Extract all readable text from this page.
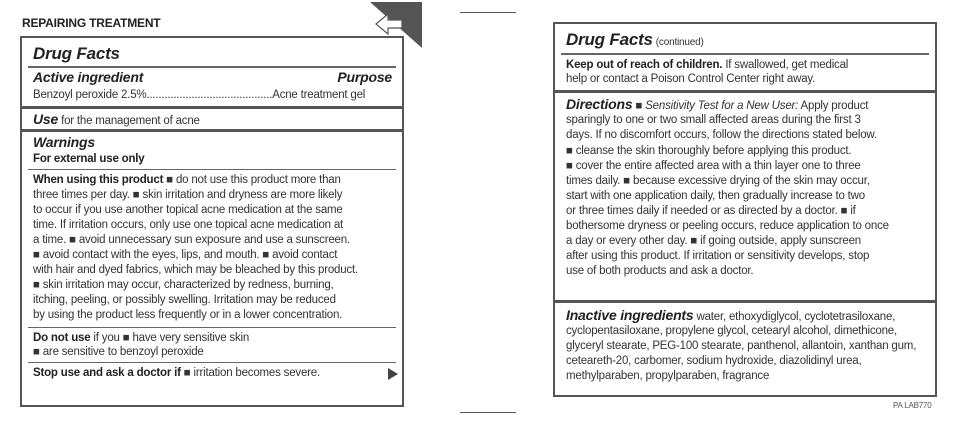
REPAIRING TREATMENT
Drug Facts
Active ingredient	Purpose
Benzoyl peroxide 2.5%..........................................Acne treatment gel
Use for the management of acne
Warnings
For external use only
When using this product ■ do not use this product more than
three times per day. ■ skin irritation and dryness are more likely
to occur if you use another topical acne medication at the same
time. If irritation occurs, only use one topical acne medication at
a time. ■ avoid unnecessary sun exposure and use a sunscreen.
■ avoid contact with the eyes, lips, and mouth. ■ avoid contact
with hair and dyed fabrics, which may be bleached by this product.
■ skin irritation may occur, characterized by redness, burning,
itching, peeling, or possibly swelling. Irritation may be reduced
by using the product less frequently or in a lower concentration.
Do not use if you ■ have very sensitive skin
■ are sensitive to benzoyl peroxide
Stop use and ask a doctor if ■ irritation becomes severe.
Drug Facts (continued)
Keep out of reach of children. If swallowed, get medical
help or contact a Poison Control Center right away.
Directions ■ Sensitivity Test for a New User: Apply product
sparingly to one or two small affected areas during the first 3
days. If no discomfort occurs, follow the directions stated below.
■ cleanse the skin thoroughly before applying this product.
■ cover the entire affected area with a thin layer one to three
times daily. ■ because excessive drying of the skin may occur,
start with one application daily, then gradually increase to two
or three times daily if needed or as directed by a doctor. ■ if
bothersome dryness or peeling occurs, reduce application to once
a day or every other day. ■ if going outside, apply sunscreen
after using this product. If irritation or sensitivity develops, stop
use of both products and ask a doctor.
Inactive ingredients water, ethoxydiglycol, cyclotetrasiloxane,
cyclopentasiloxane, propylene glycol, cetearyl alcohol, dimethicone,
glyceryl stearate, PEG-100 stearate, panthenol, allantoin, xanthan gum,
ceteareth-20, carbomer, sodium hydroxide, diazolidinyl urea,
methylparaben, propylparaben, fragrance
PA LAB770
